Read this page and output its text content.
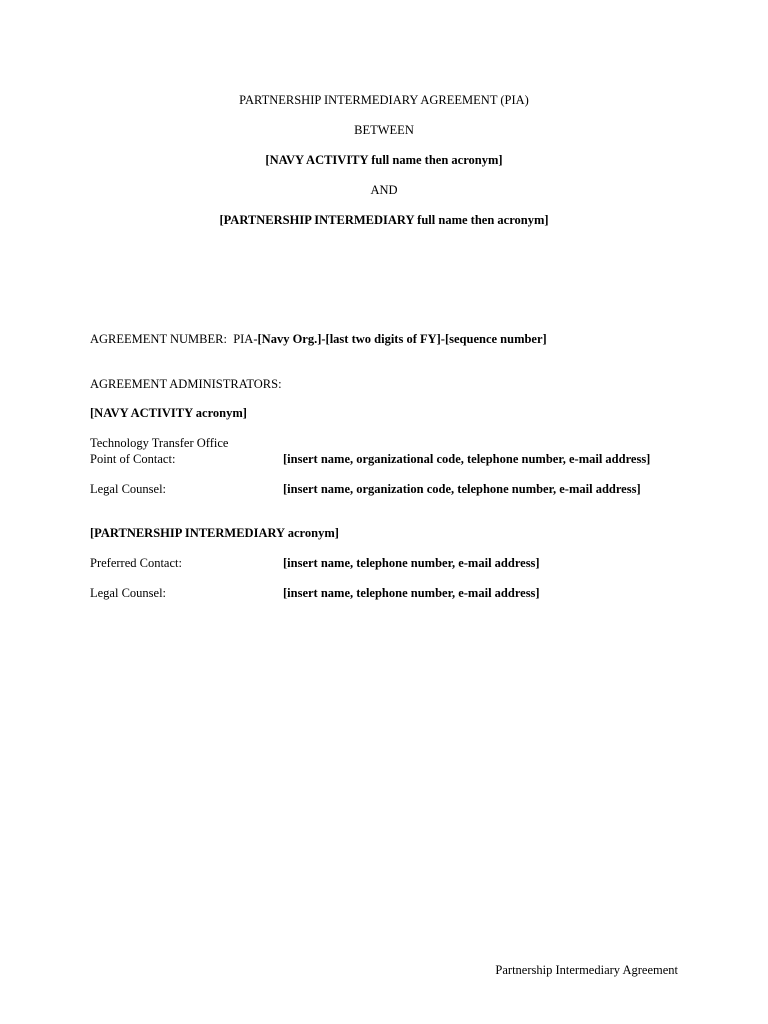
PARTNERSHIP INTERMEDIARY AGREEMENT (PIA)
BETWEEN
[NAVY ACTIVITY full name then acronym]
AND
[PARTNERSHIP INTERMEDIARY full name then acronym]
AGREEMENT NUMBER: PIA-[Navy Org.]-[last two digits of FY]-[sequence number]
AGREEMENT ADMINISTRATORS:
[NAVY ACTIVITY acronym]
Technology Transfer Office
Point of Contact:	[insert name, organizational code, telephone number, e-mail address]
Legal Counsel:	[insert name, organization code, telephone number, e-mail address]
[PARTNERSHIP INTERMEDIARY acronym]
Preferred Contact:	[insert name, telephone number, e-mail address]
Legal Counsel:	[insert name, telephone number, e-mail address]
Partnership Intermediary Agreement
